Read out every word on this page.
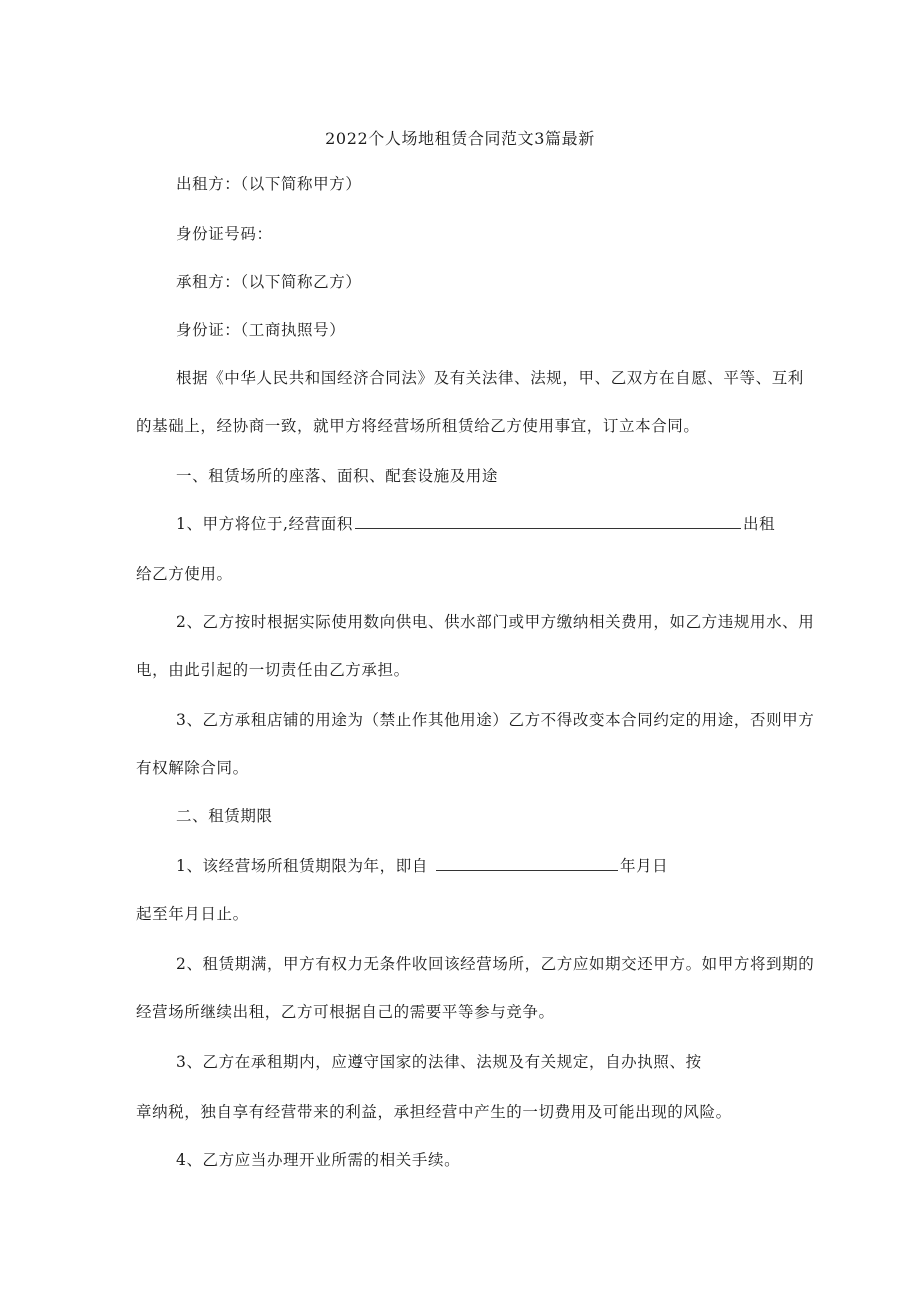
2022个人场地租赁合同范文3篇最新
出租方：（以下简称甲方）
身份证号码：
承租方：（以下简称乙方）
身份证：（工商执照号）
根据《中华人民共和国经济合同法》及有关法律、法规，甲、乙双方在自愿、平等、互利
的基础上，经协商一致，就甲方将经营场所租赁给乙方使用事宜，订立本合同。
一、租赁场所的座落、面积、配套设施及用途
1、甲方将位于,经营面积	出租
给乙方使用。
2、乙方按时根据实际使用数向供电、供水部门或甲方缴纳相关费用，如乙方违规用水、用
电，由此引起的一切责任由乙方承担。
3、乙方承租店铺的用途为（禁止作其他用途）乙方不得改变本合同约定的用途，否则甲方
有权解除合同。
二、租赁期限
1、该经营场所租赁期限为年，即自	年月日
起至年月日止。
2、租赁期满，甲方有权力无条件收回该经营场所，乙方应如期交还甲方。如甲方将到期的
经营场所继续出租，乙方可根据自己的需要平等参与竞争。
3、乙方在承租期内，应遵守国家的法律、法规及有关规定，自办执照、按
章纳税，独自享有经营带来的利益，承担经营中产生的一切费用及可能出现的风险。
4、乙方应当办理开业所需的相关手续。
